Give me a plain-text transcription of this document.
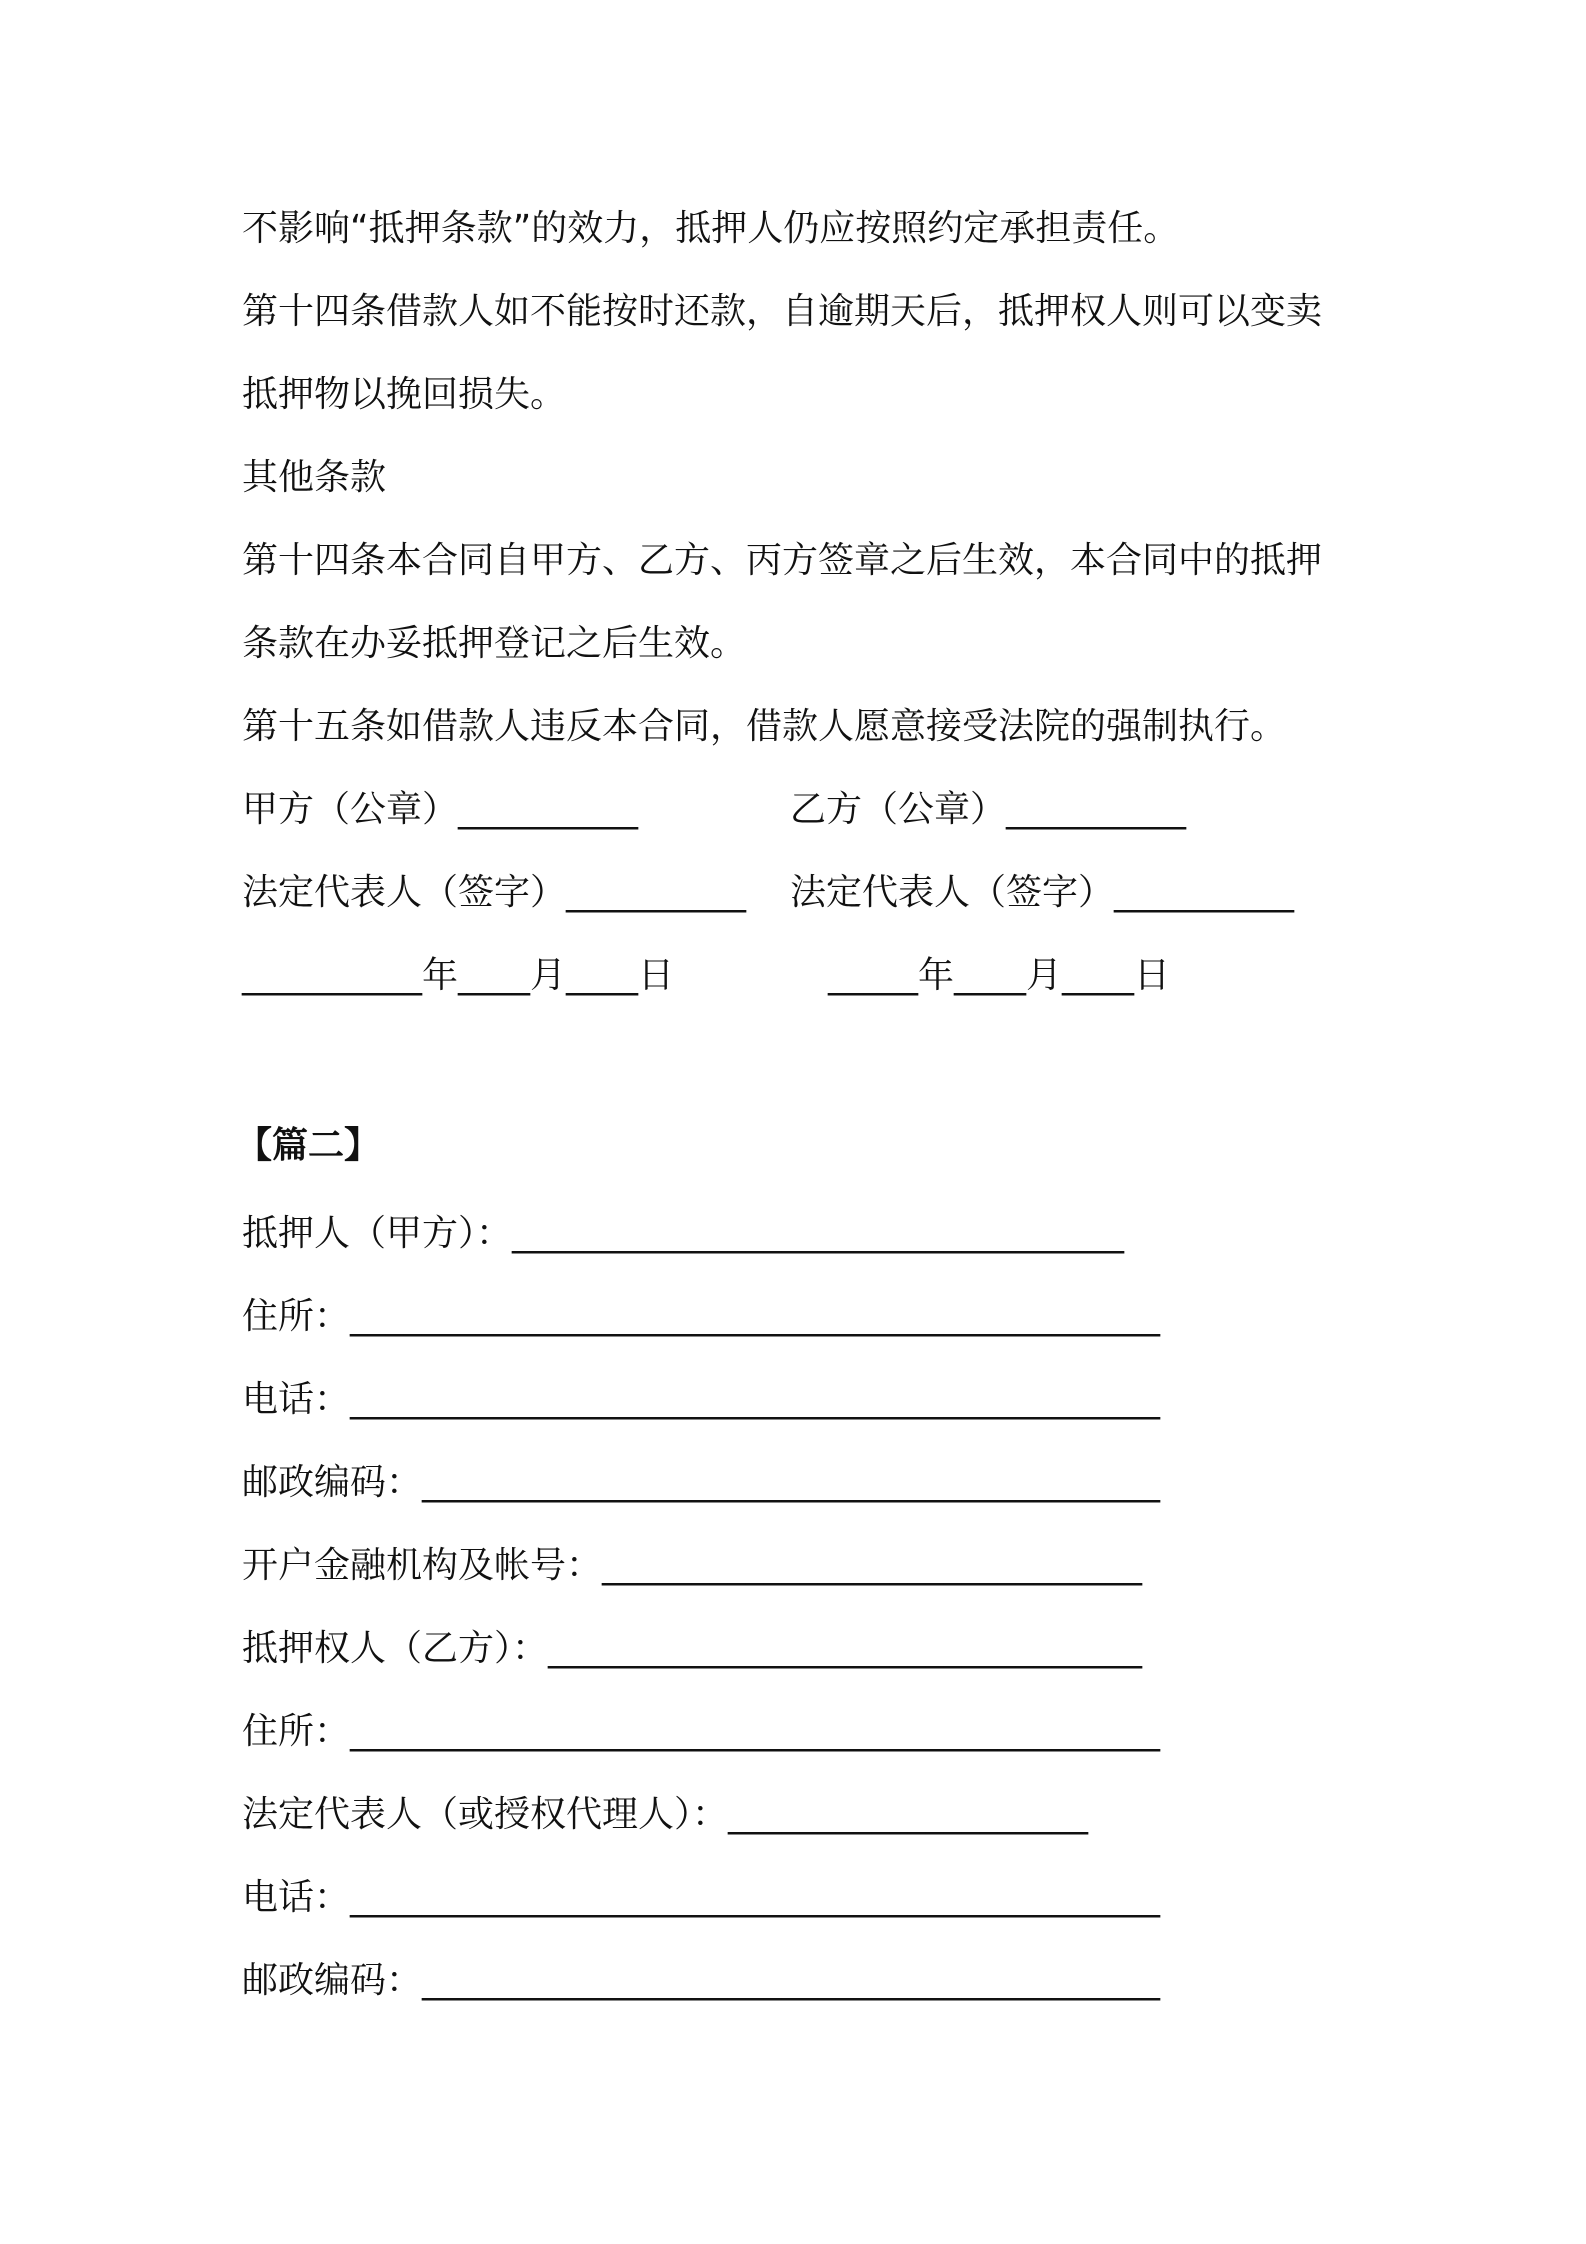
不影响“抵押条款”的效力，抵押人仍应按照约定承担责任。
第十四条借款人如不能按时还款，自逾期天后，抵押权人则可以变卖
抵押物以挽回损失。
其他条款
第十四条本合同自甲方、乙方、丙方签章之后生效，本合同中的抵押
条款在办妥抵押登记之后生效。
第十五条如借款人违反本合同，借款人愿意接受法院的强制执行。
甲方（公章）__________	乙方（公章）__________
法定代表人（签字）__________ 法定代表人（签字）__________
__________年____月____日	_____年____月____日
【篇二】
抵押人（甲方）：__________________________________
住所：_____________________________________________
电话：_____________________________________________
邮政编码：_________________________________________
开户金融机构及帐号：______________________________
抵押权人（乙方）：_________________________________
住所：_____________________________________________
法定代表人（或授权代理人）：____________________
电话：_____________________________________________
邮政编码：_________________________________________
